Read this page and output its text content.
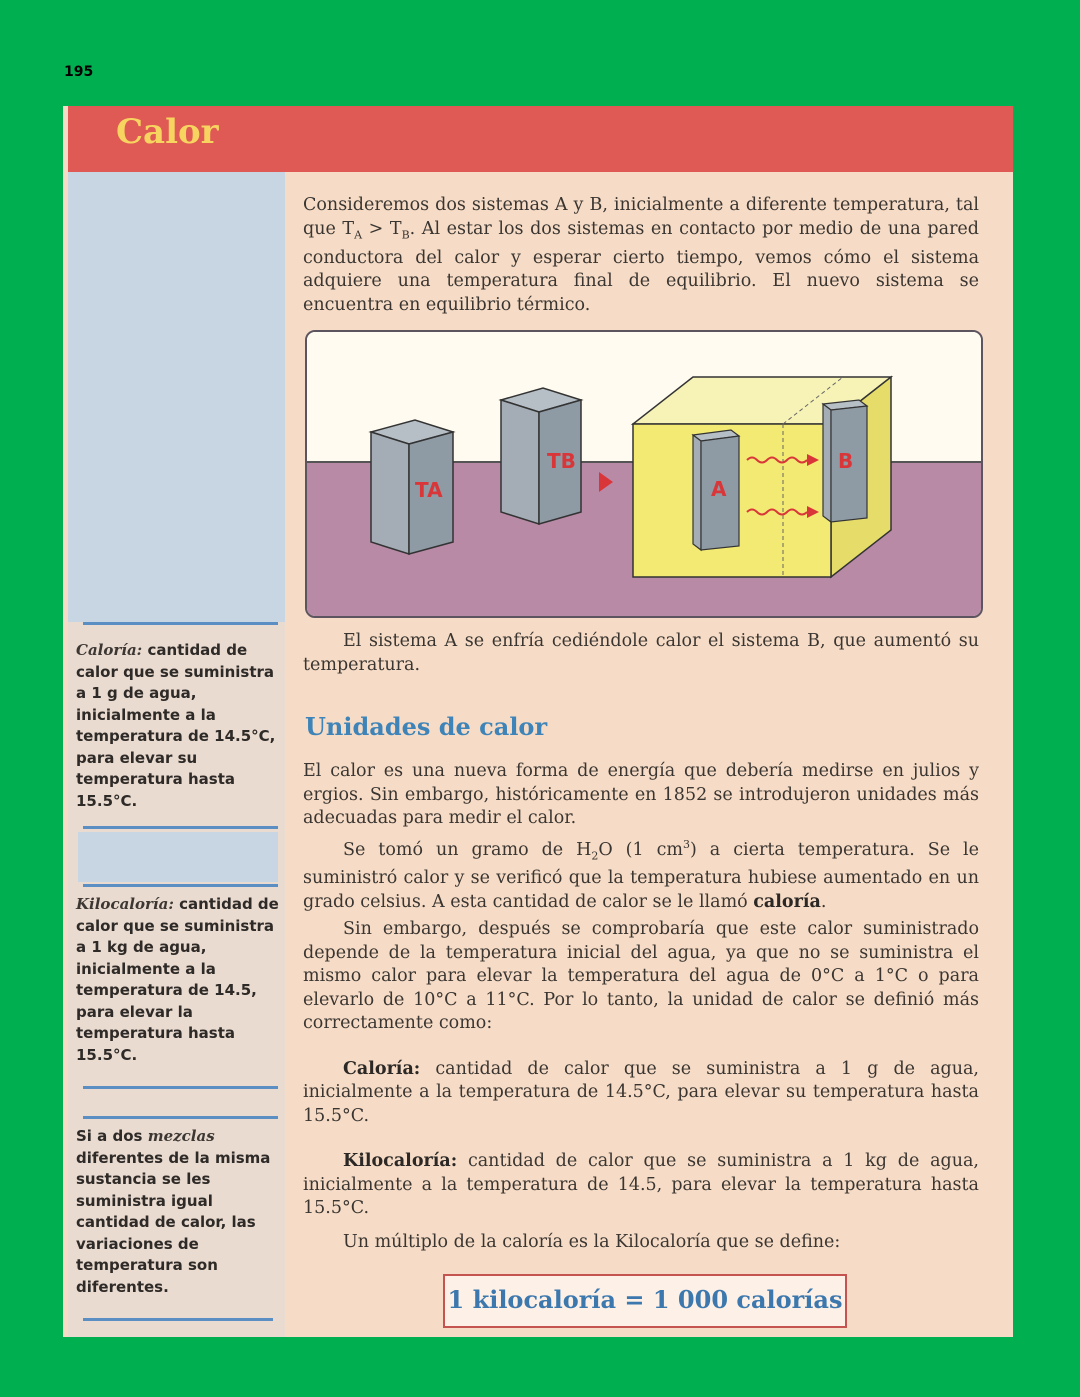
195
Calor
Caloría: cantidad de calor que se suministra a 1 g de agua, inicialmente a la temperatura de 14.5°C, para elevar su temperatura hasta 15.5°C.
Kilocaloría: cantidad de calor que se suministra a 1 kg de agua, inicialmente a la temperatura de 14.5, para elevar la temperatura hasta 15.5°C.
Si a dos mezclas diferentes de la misma sustancia se les suministra igual cantidad de calor, las variaciones de temperatura son diferentes.

Consideremos dos sistemas A y B, inicialmente a diferente temperatura, tal que $T_A > T_B$. Al estar los dos sistemas en contacto por medio de una pared conductora del calor y esperar cierto tiempo, vemos cómo el sistema adquiere una temperatura final de equilibrio. El nuevo sistema se encuentra en equilibrio térmico.

TA
TB
A
B

El sistema A se enfría cediéndole calor el sistema B, que aumentó su temperatura.

Unidades de calor

El calor es una nueva forma de energía que debería medirse en julios y ergios. Sin embargo, históricamente en 1852 se introdujeron unidades más adecuadas para medir el calor.

Se tomó un gramo de $H_2O$ (1 $cm^3$) a cierta temperatura. Se le suministró calor y se verificó que la temperatura hubiese aumentado en un grado celsius. A esta cantidad de calor se le llamó caloría.

Sin embargo, después se comprobaría que este calor suministrado depende de la temperatura inicial del agua, ya que no se suministra el mismo calor para elevar la temperatura del agua de 0°C a 1°C o para elevarlo de 10°C a 11°C. Por lo tanto, la unidad de calor se definió más correctamente como:

Caloría: cantidad de calor que se suministra a 1 g de agua, inicialmente a la temperatura de 14.5°C, para elevar su temperatura hasta 15.5°C.

Kilocaloría: cantidad de calor que se suministra a 1 kg de agua, inicialmente a la temperatura de 14.5, para elevar la temperatura hasta 15.5°C.

Un múltiplo de la caloría es la Kilocaloría que se define:

1 kilocaloría = 1 000 calorías
